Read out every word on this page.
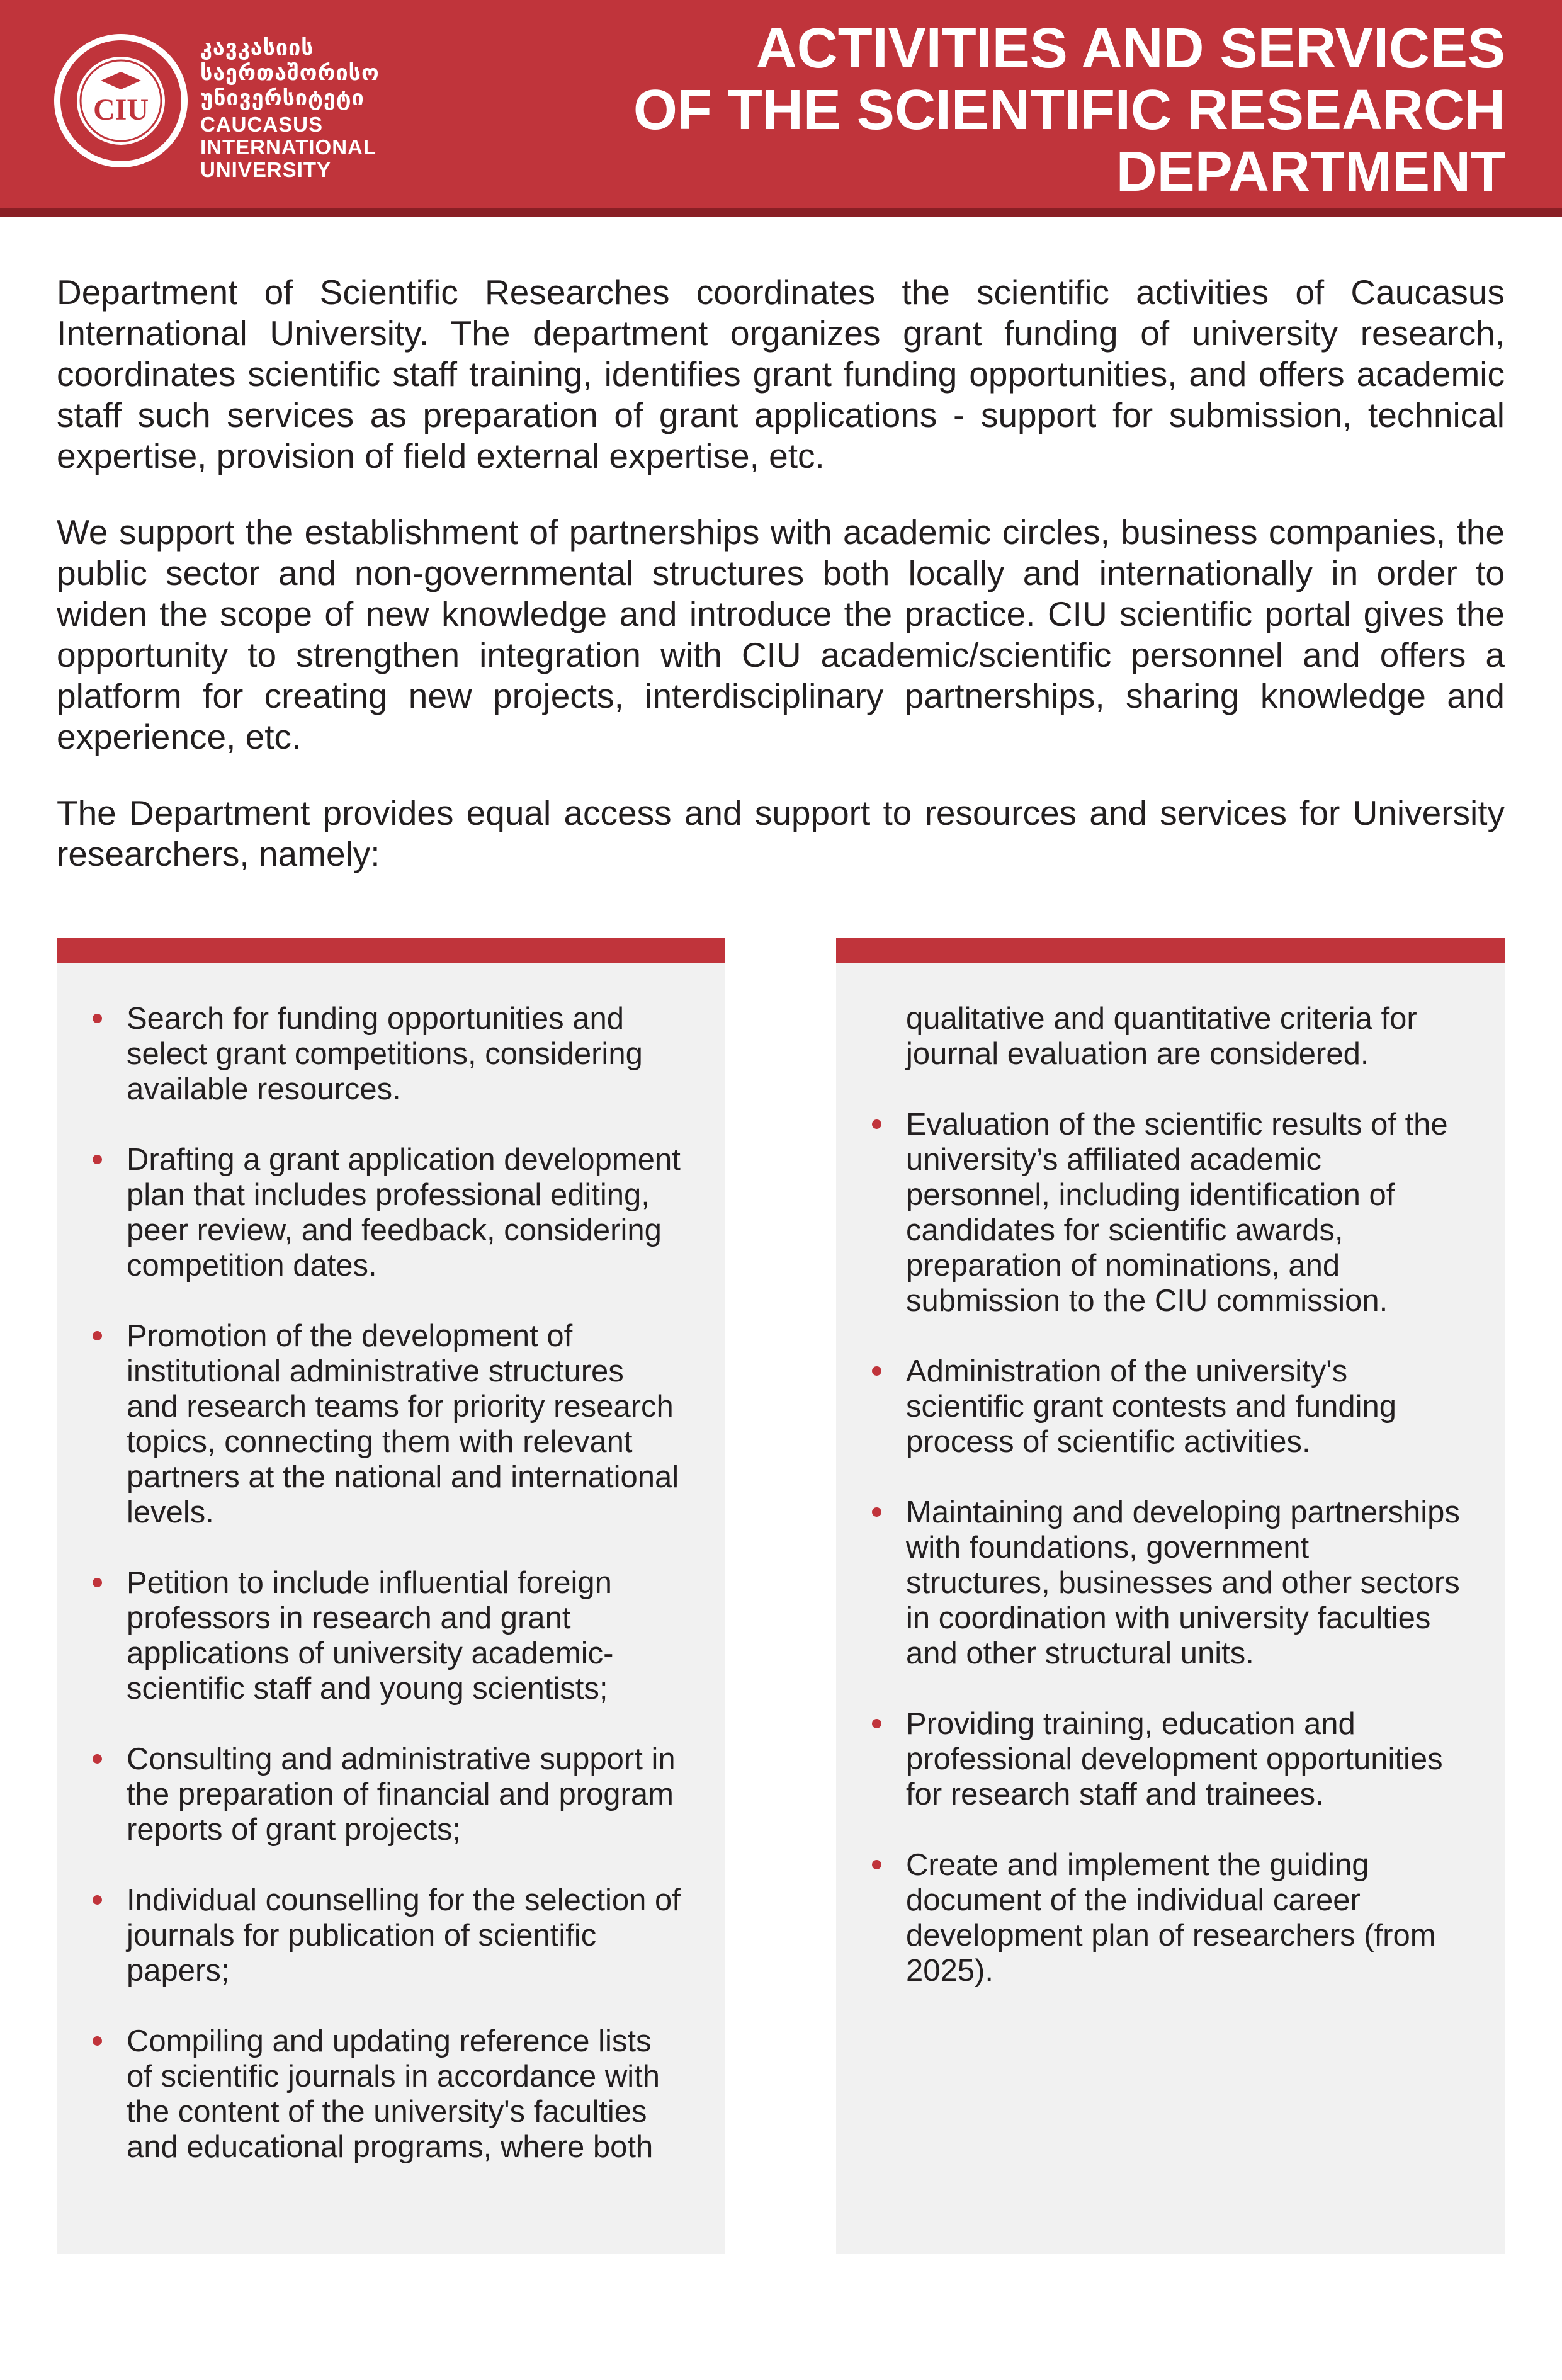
CIU
კავკასიის
საერთაშორისო
უნივერსიტეტი
CAUCASUS
INTERNATIONAL
UNIVERSITY
ACTIVITIES AND SERVICES
OF THE SCIENTIFIC RESEARCH
DEPARTMENT

Department of Scientific Researches coordinates the scientific activities of Caucasus International University. The department organizes grant funding of university research, coordinates scientific staff training, identifies grant funding opportunities, and offers academic staff such services as preparation of grant applications - support for submission, technical expertise, provision of field external expertise, etc.

We support the establishment of partnerships with academic circles, business companies, the public sector and non-governmental structures both locally and internationally in order to widen the scope of new knowledge and introduce the practice. CIU scientific portal gives the opportunity to strengthen integration with CIU academic/scientific personnel and offers a platform for creating new projects, interdisciplinary partnerships, sharing knowledge and experience, etc.

The Department provides equal access and support to resources and services for University researchers, namely:

Search for funding opportunities and select grant competitions, considering available resources.
Drafting a grant application development plan that includes professional editing, peer review, and feedback, considering competition dates.
Promotion of the development of institutional administrative structures and research teams for priority research topics, connecting them with relevant partners at the national and international levels.
Petition to include influential foreign professors in research and grant applications of university academic-scientific staff and young scientists;
Consulting and administrative support in the preparation of financial and program reports of grant projects;
Individual counselling for the selection of journals for publication of scientific papers;
Compiling and updating reference lists of scientific journals in accordance with the content of the university's faculties and educational programs, where both
qualitative and quantitative criteria for journal evaluation are considered.
Evaluation of the scientific results of the university’s affiliated academic personnel, including identification of candidates for scientific awards, preparation of nominations, and submission to the CIU commission.
Administration of the university's scientific grant contests and funding process of scientific activities.
Maintaining and developing partnerships with foundations, government structures, businesses and other sectors in coordination with university faculties and other structural units.
Providing training, education and professional development opportunities for research staff and trainees.
Create and implement the guiding document of the individual career development plan of researchers (from 2025).
